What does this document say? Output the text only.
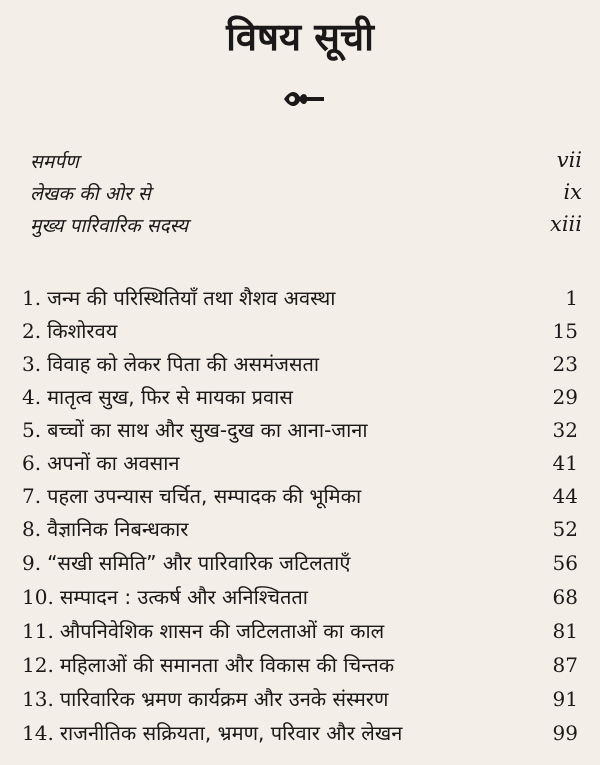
विषय सूची
समर्पण	vii
लेखक की ओर से	ix
मुख्य पारिवारिक सदस्य	xiii
1. जन्म की परिस्थितियाँ तथा शैशव अवस्था	1
2. किशोरवय	15
3. विवाह को लेकर पिता की असमंजसता	23
4. मातृत्व सुख, फिर से मायका प्रवास	29
5. बच्चों का साथ और सुख-दुख का आना-जाना	32
6. अपनों का अवसान	41
7. पहला उपन्यास चर्चित, सम्पादक की भूमिका	44
8. वैज्ञानिक निबन्धकार	52
9. “सखी समिति” और पारिवारिक जटिलताएँ	56
10. सम्पादन : उत्कर्ष और अनिश्चितता	68
11. औपनिवेशिक शासन की जटिलताओं का काल	81
12. महिलाओं की समानता और विकास की चिन्तक	87
13. पारिवारिक भ्रमण कार्यक्रम और उनके संस्मरण	91
14. राजनीतिक सक्रियता, भ्रमण, परिवार और लेखन	99
